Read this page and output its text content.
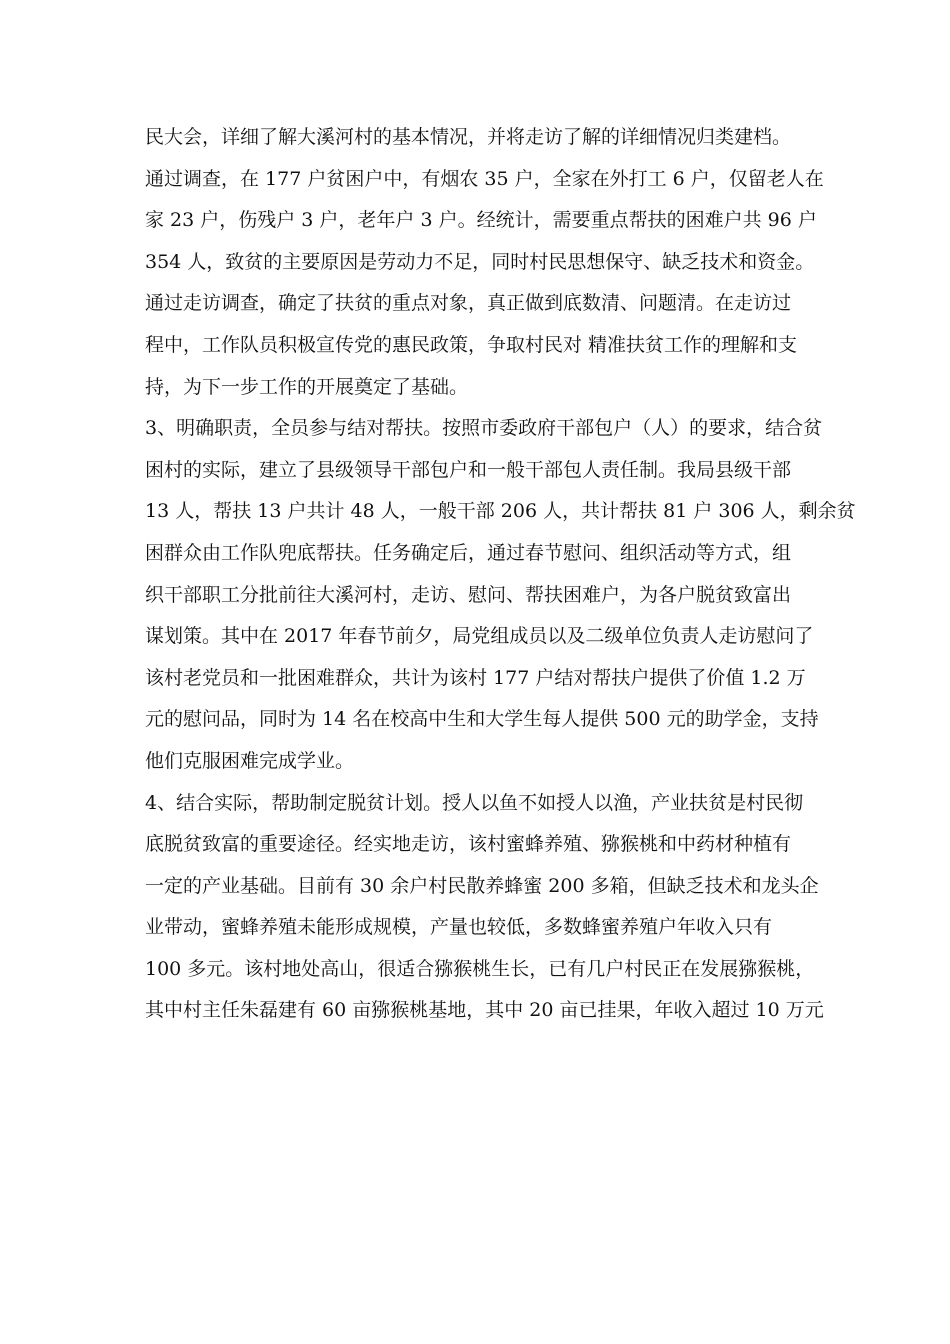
民大会，详细了解大溪河村的基本情况，并将走访了解的详细情况归类建档。
通过调查，在 177 户贫困户中，有烟农 35 户，全家在外打工 6 户，仅留老人在
家 23 户，伤残户 3 户，老年户 3 户。经统计，需要重点帮扶的困难户共 96 户
354 人，致贫的主要原因是劳动力不足，同时村民思想保守、缺乏技术和资金。
通过走访调查，确定了扶贫的重点对象，真正做到底数清、问题清。在走访过
程中，工作队员积极宣传党的惠民政策，争取村民对 精准扶贫工作的理解和支
持，为下一步工作的开展奠定了基础。
3、明确职责，全员参与结对帮扶。按照市委政府干部包户（人）的要求，结合贫
困村的实际，建立了县级领导干部包户和一般干部包人责任制。我局县级干部
13 人，帮扶 13 户共计 48 人，一般干部 206 人，共计帮扶 81 户 306 人，剩余贫
困群众由工作队兜底帮扶。任务确定后，通过春节慰问、组织活动等方式，组
织干部职工分批前往大溪河村，走访、慰问、帮扶困难户，为各户脱贫致富出
谋划策。其中在 2017 年春节前夕，局党组成员以及二级单位负责人走访慰问了
该村老党员和一批困难群众，共计为该村 177 户结对帮扶户提供了价值 1.2 万
元的慰问品，同时为 14 名在校高中生和大学生每人提供 500 元的助学金，支持
他们克服困难完成学业。
4、结合实际，帮助制定脱贫计划。授人以鱼不如授人以渔，产业扶贫是村民彻
底脱贫致富的重要途径。经实地走访，该村蜜蜂养殖、猕猴桃和中药材种植有
一定的产业基础。目前有 30 余户村民散养蜂蜜 200 多箱，但缺乏技术和龙头企
业带动，蜜蜂养殖未能形成规模，产量也较低，多数蜂蜜养殖户年收入只有
100 多元。该村地处高山，很适合猕猴桃生长，已有几户村民正在发展猕猴桃，
其中村主任朱磊建有 60 亩猕猴桃基地，其中 20 亩已挂果，年收入超过 10 万元
